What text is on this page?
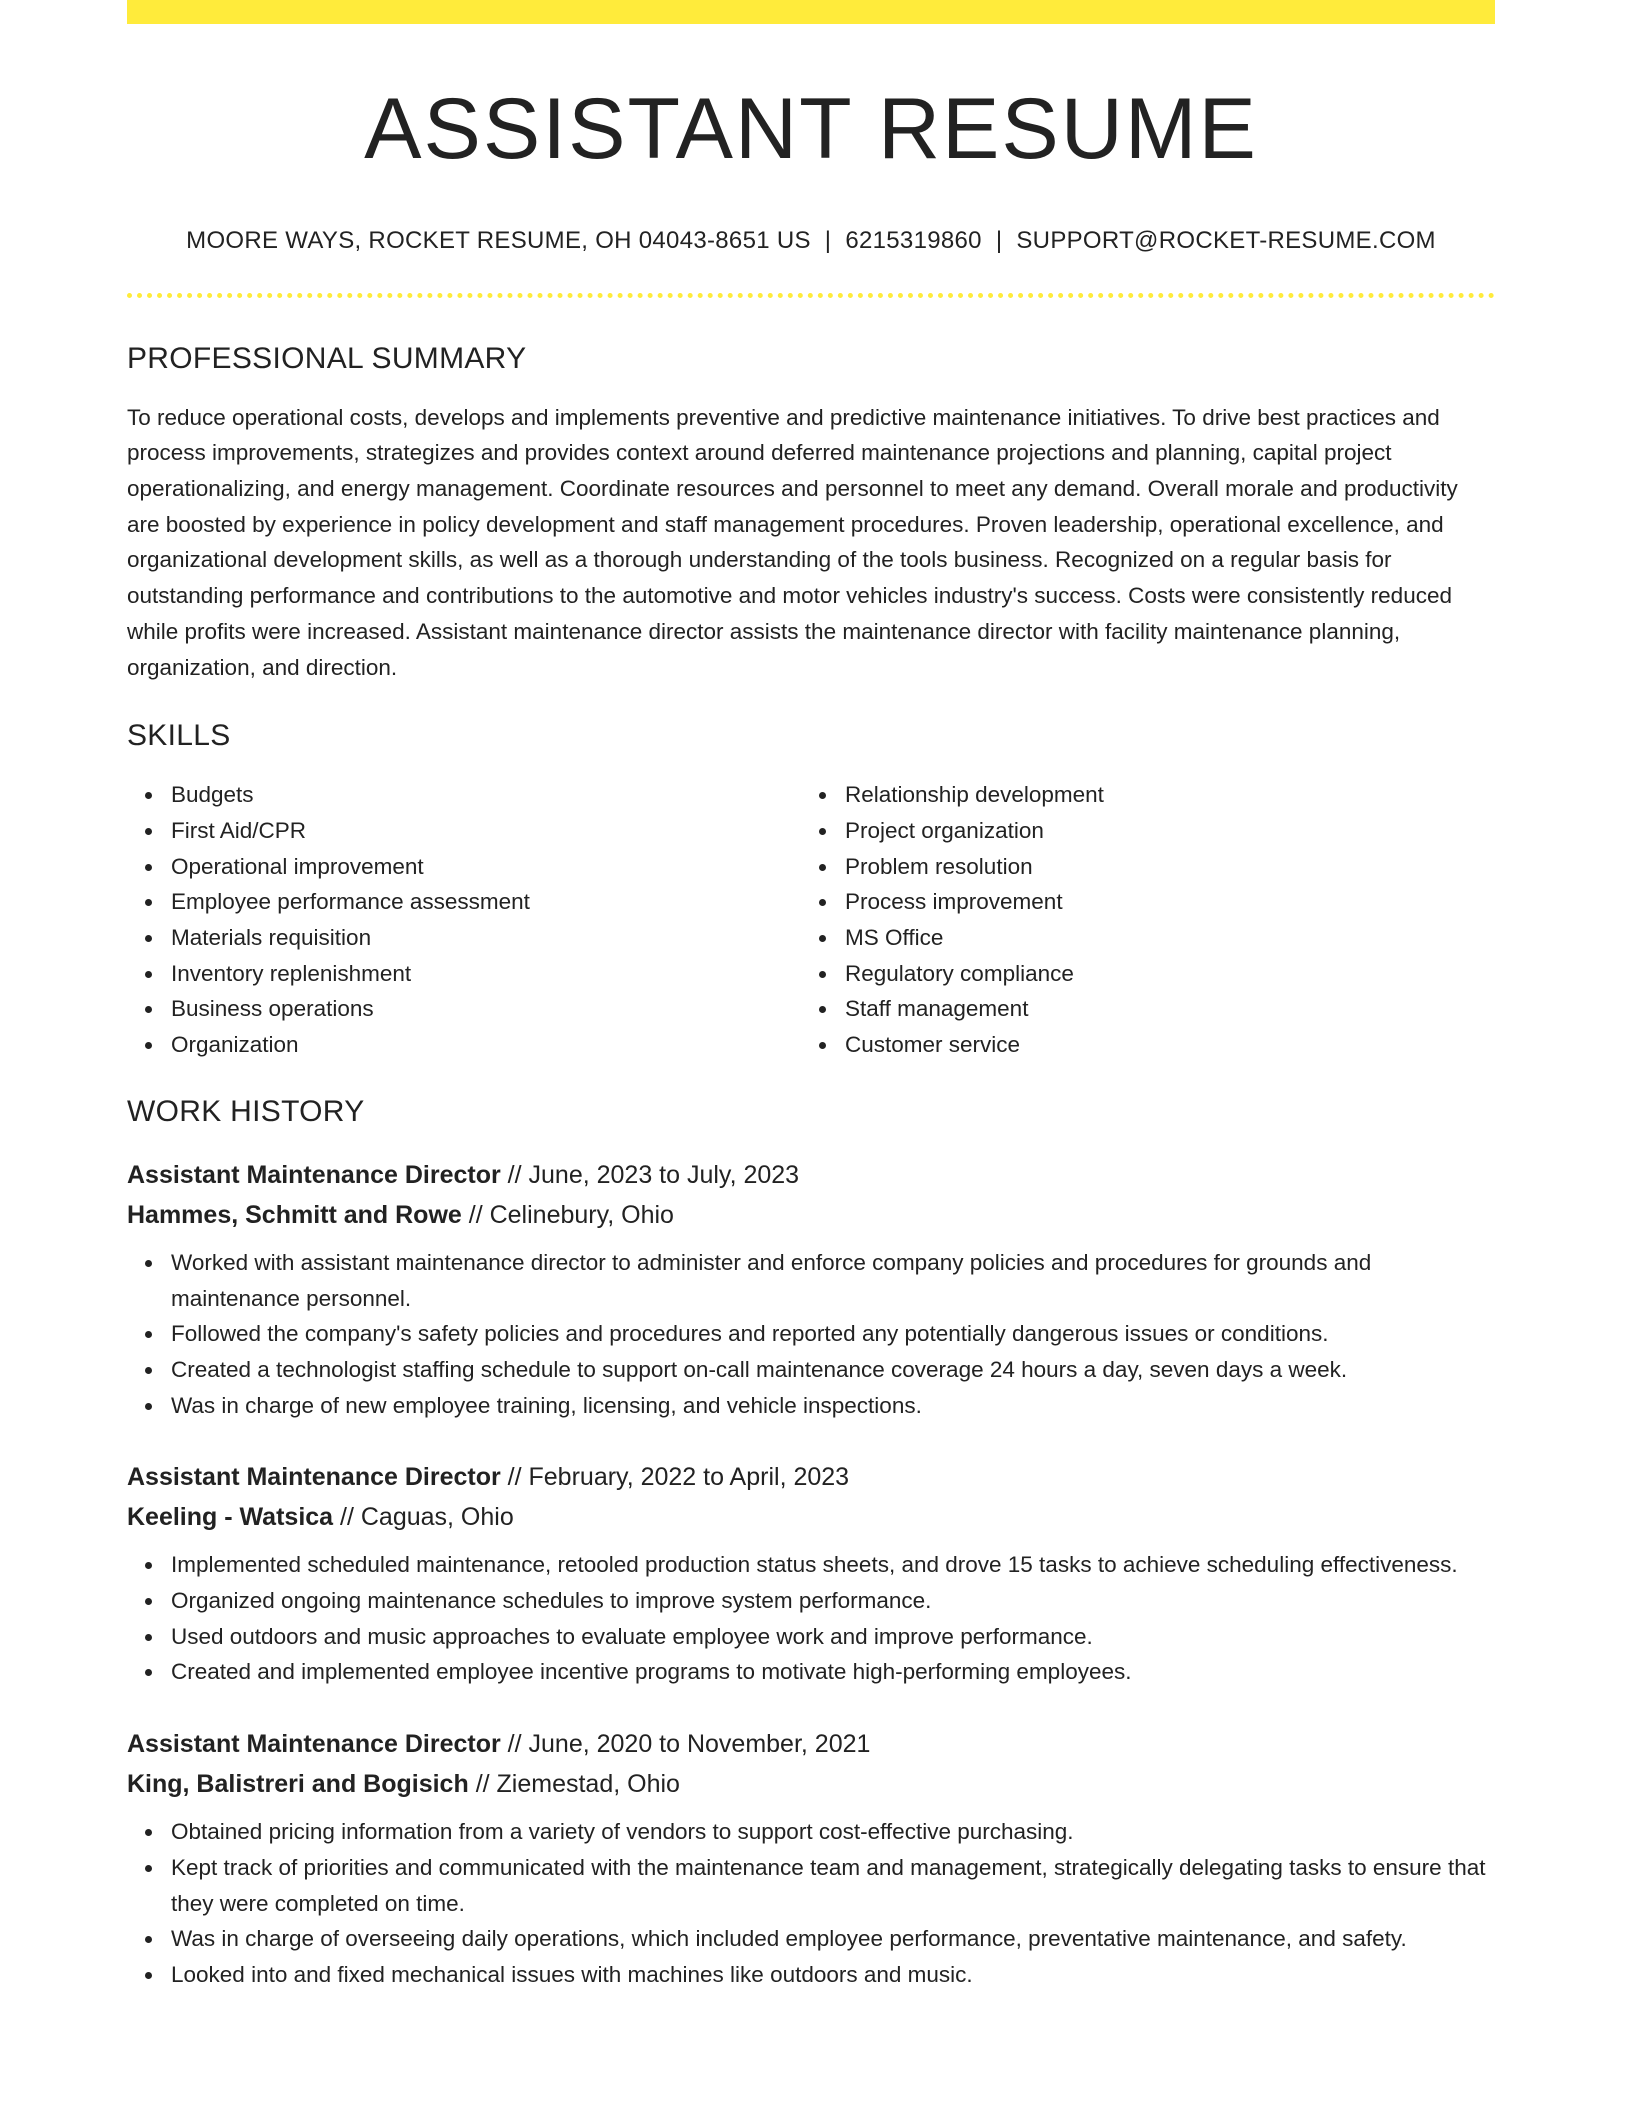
ASSISTANT RESUME
MOORE WAYS, ROCKET RESUME, OH 04043-8651 US | 6215319860 | SUPPORT@ROCKET-RESUME.COM
PROFESSIONAL SUMMARY

To reduce operational costs, develops and implements preventive and predictive maintenance initiatives. To drive best practices and process improvements, strategizes and provides context around deferred maintenance projections and planning, capital project operationalizing, and energy management. Coordinate resources and personnel to meet any demand. Overall morale and productivity are boosted by experience in policy development and staff management procedures. Proven leadership, operational excellence, and organizational development skills, as well as a thorough understanding of the tools business. Recognized on a regular basis for outstanding performance and contributions to the automotive and motor vehicles industry's success. Costs were consistently reduced while profits were increased. Assistant maintenance director assists the maintenance director with facility maintenance planning, organization, and direction.

SKILLS
Budgets
First Aid/CPR
Operational improvement
Employee performance assessment
Materials requisition
Inventory replenishment
Business operations
Organization
Relationship development
Project organization
Problem resolution
Process improvement
MS Office
Regulatory compliance
Staff management
Customer service
WORK HISTORY
Assistant Maintenance Director // June, 2023 to July, 2023
Hammes, Schmitt and Rowe // Celinebury, Ohio
Worked with assistant maintenance director to administer and enforce company policies and procedures for grounds and maintenance personnel.
Followed the company's safety policies and procedures and reported any potentially dangerous issues or conditions.
Created a technologist staffing schedule to support on-call maintenance coverage 24 hours a day, seven days a week.
Was in charge of new employee training, licensing, and vehicle inspections.
Assistant Maintenance Director // February, 2022 to April, 2023
Keeling - Watsica // Caguas, Ohio
Implemented scheduled maintenance, retooled production status sheets, and drove 15 tasks to achieve scheduling effectiveness.
Organized ongoing maintenance schedules to improve system performance.
Used outdoors and music approaches to evaluate employee work and improve performance.
Created and implemented employee incentive programs to motivate high-performing employees.
Assistant Maintenance Director // June, 2020 to November, 2021
King, Balistreri and Bogisich // Ziemestad, Ohio
Obtained pricing information from a variety of vendors to support cost-effective purchasing.
Kept track of priorities and communicated with the maintenance team and management, strategically delegating tasks to ensure that they were completed on time.
Was in charge of overseeing daily operations, which included employee performance, preventative maintenance, and safety.
Looked into and fixed mechanical issues with machines like outdoors and music.
